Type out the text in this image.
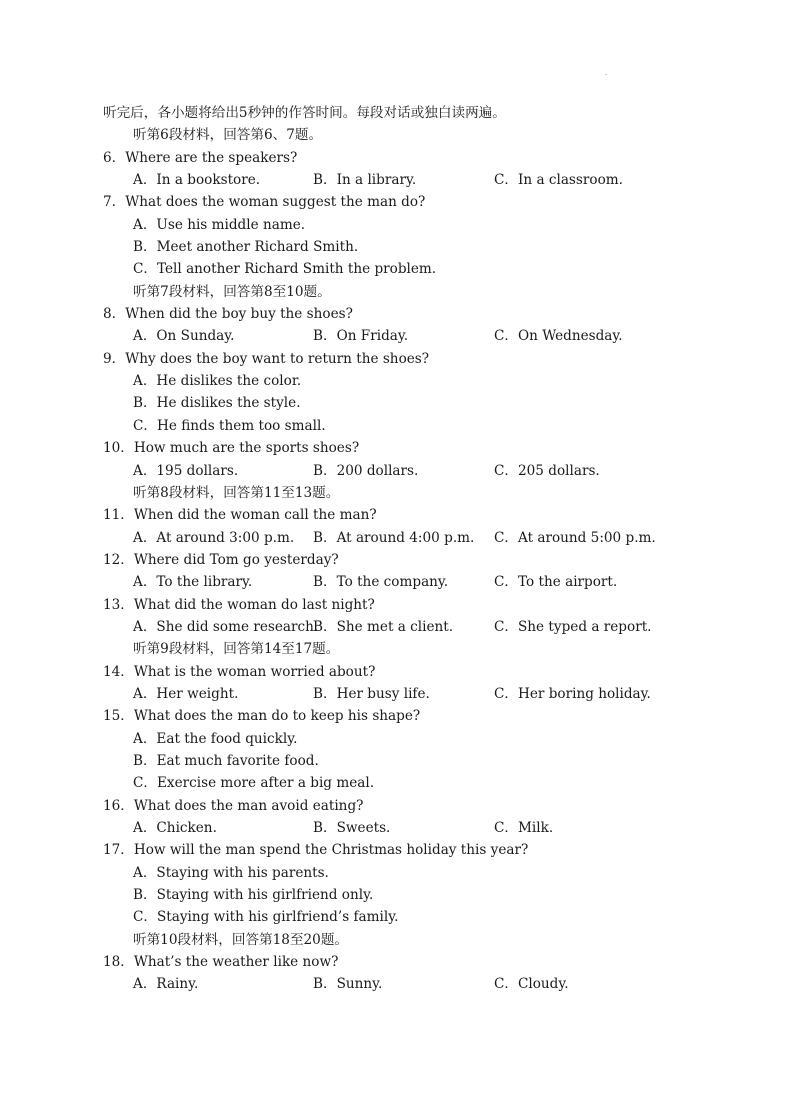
听完后，各小题将给出5秒钟的作答时间。每段对话或独白读两遍。
听第6段材料，回答第6、7题。
6．Where are the speakers?
A．In a bookstore.	B．In a library.	C．In a classroom.
7．What does the woman suggest the man do?
A．Use his middle name.
B．Meet another Richard Smith.
C．Tell another Richard Smith the problem.
听第7段材料，回答第8至10题。
8．When did the boy buy the shoes?
A．On Sunday.	B．On Friday.	C．On Wednesday.
9．Why does the boy want to return the shoes?
A．He dislikes the color.
B．He dislikes the style.
C．He finds them too small.
10．How much are the sports shoes?
A．195 dollars.	B．200 dollars.	C．205 dollars.
听第8段材料，回答第11至13题。
11．When did the woman call the man?
A．At around 3:00 p.m. B．At around 4:00 p.m. C．At around 5:00 p.m.
12．Where did Tom go yesterday?
A．To the library.	B．To the company.	C．To the airport.
13．What did the woman do last night?
A．She did some research.
B．She met a client.	C．She typed a report.
听第9段材料，回答第14至17题。
14．What is the woman worried about?
A．Her weight.	B．Her busy life.	C．Her boring holiday.
15．What does the man do to keep his shape?
A．Eat the food quickly.
B．Eat much favorite food.
C．Exercise more after a big meal.
16．What does the man avoid eating?
A．Chicken.	B．Sweets.	C．Milk.
17．How will the man spend the Christmas holiday this year?
A．Staying with his parents.
B．Staying with his girlfriend only.
C．Staying with his girlfriend’s family.
听第10段材料，回答第18至20题。
18．What’s the weather like now?
A．Rainy.	B．Sunny.	C．Cloudy.
